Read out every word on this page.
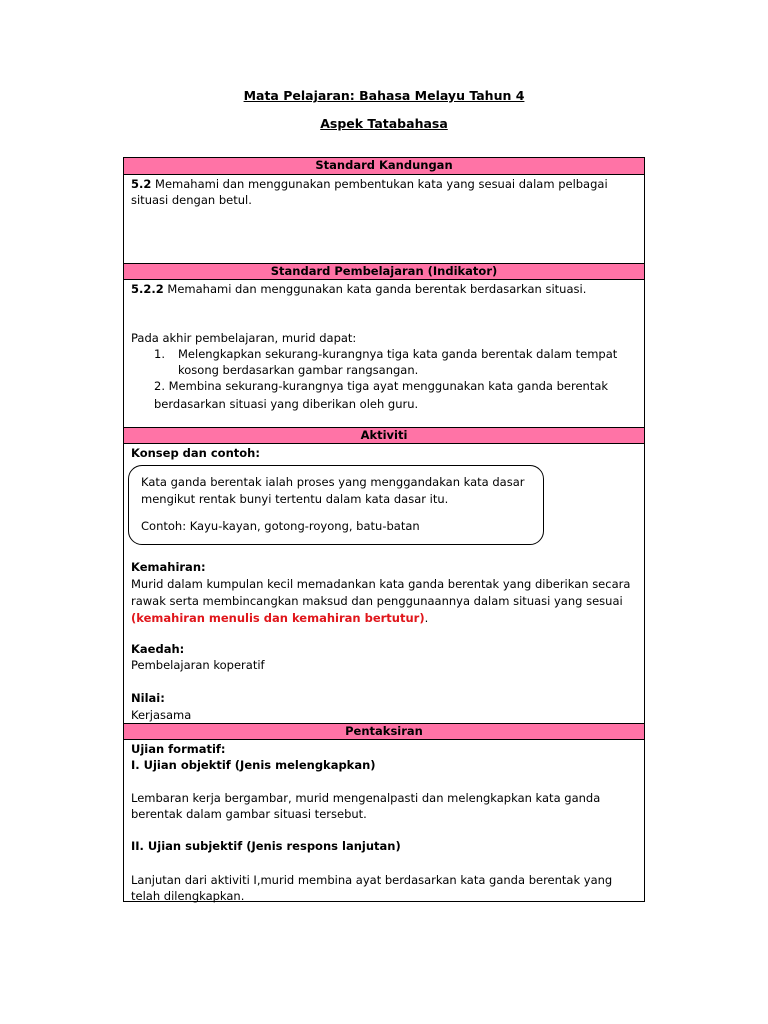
Mata Pelajaran: Bahasa Melayu Tahun 4
Aspek Tatabahasa
Standard Kandungan
5.2 Memahami dan menggunakan pembentukan kata yang sesuai dalam pelbagai
situasi dengan betul.
Standard Pembelajaran (Indikator)
5.2.2 Memahami dan menggunakan kata ganda berentak berdasarkan situasi.
Pada akhir pembelajaran, murid dapat:
1. Melengkapkan sekurang-kurangnya tiga kata ganda berentak dalam tempat
kosong berdasarkan gambar rangsangan.
2. Membina sekurang-kurangnya tiga ayat menggunakan kata ganda berentak
berdasarkan situasi yang diberikan oleh guru.
Aktiviti
Konsep dan contoh:
Kata ganda berentak ialah proses yang menggandakan kata dasar
mengikut rentak bunyi tertentu dalam kata dasar itu.
Contoh: Kayu-kayan, gotong-royong, batu-batan
Kemahiran:
Murid dalam kumpulan kecil memadankan kata ganda berentak yang diberikan secara
rawak serta membincangkan maksud dan penggunaannya dalam situasi yang sesuai
(kemahiran menulis dan kemahiran bertutur).
Kaedah:
Pembelajaran koperatif
Nilai:
Kerjasama
Pentaksiran
Ujian formatif:
I. Ujian objektif (Jenis melengkapkan)
Lembaran kerja bergambar, murid mengenalpasti dan melengkapkan kata ganda
berentak dalam gambar situasi tersebut.
II. Ujian subjektif (Jenis respons lanjutan)
Lanjutan dari aktiviti I,murid membina ayat berdasarkan kata ganda berentak yang
telah dilengkapkan.
